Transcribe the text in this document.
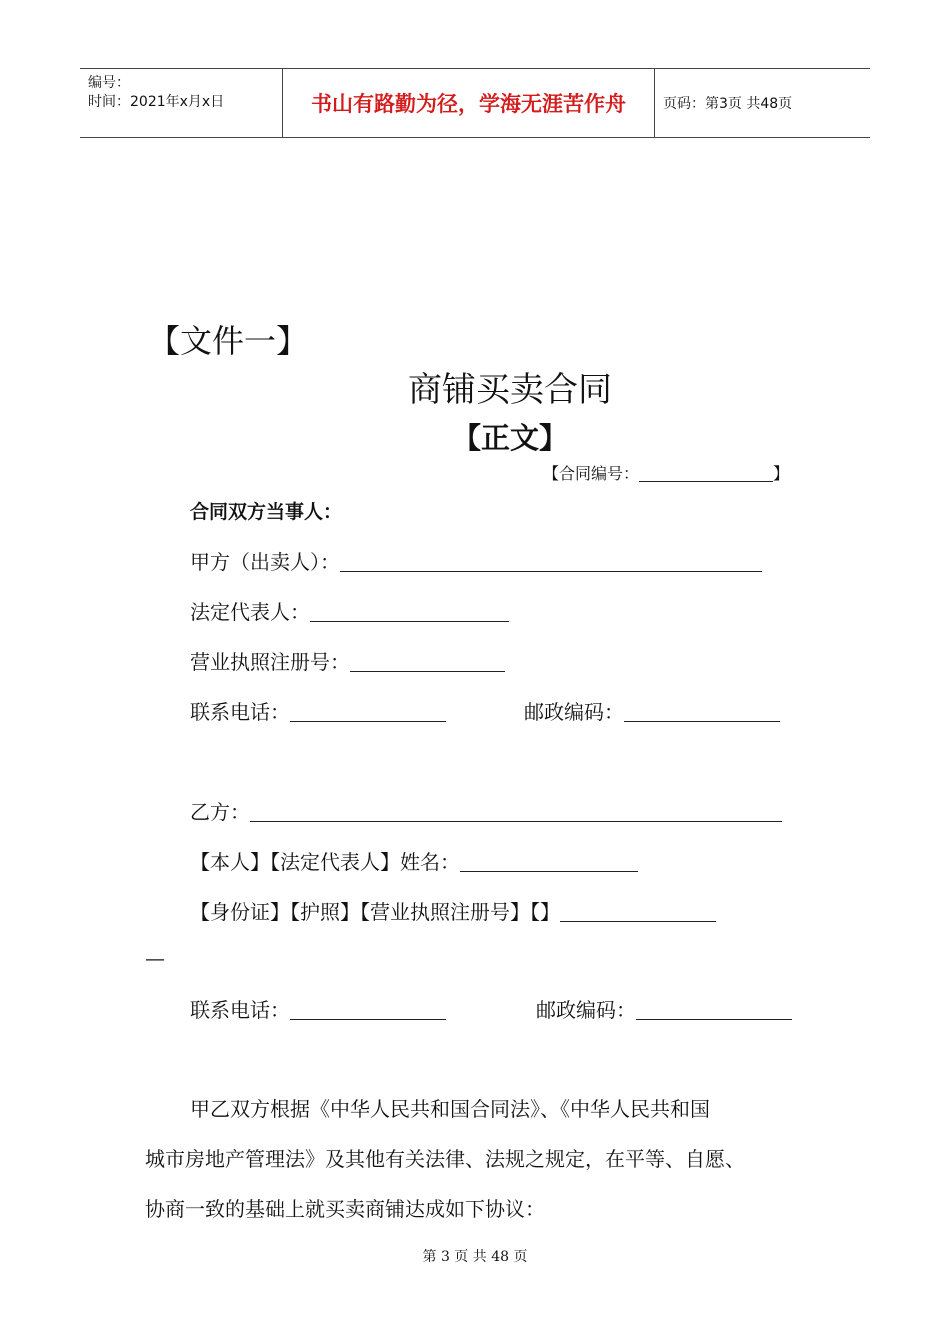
编号：
时间：2021年x月x日	书山有路勤为径，学海无涯苦作舟	页码：第3页 共48页
【文件一】
商铺买卖合同
【正文】
【合同编号：	】
合同双方当事人：
甲方（出卖人）：
法定代表人：
营业执照注册号：
联系电话：	邮政编码：
乙方：
【本人】【法定代表人】姓名：
【身份证】【护照】【营业执照注册号】【】
—
联系电话：	邮政编码：
甲乙双方根据《中华人民共和国合同法》、《中华人民共和国
城市房地产管理法》及其他有关法律、法规之规定，在平等、自愿、
协商一致的基础上就买卖商铺达成如下协议：
第 3 页 共 48 页
